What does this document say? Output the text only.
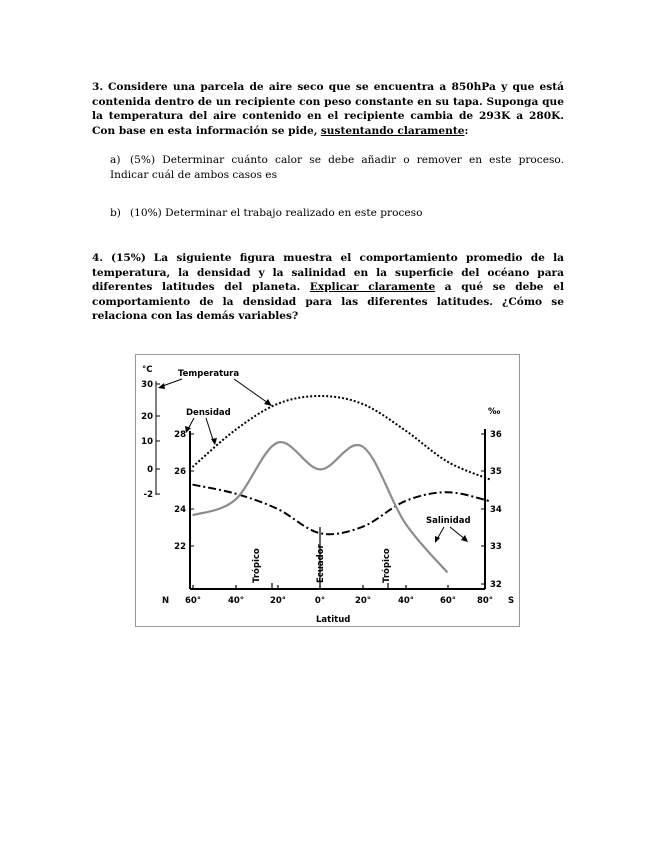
3. Considere una parcela de aire seco que se encuentra a 850hPa y que está contenida dentro de un recipiente con peso constante en su tapa. Suponga que la temperatura del aire contenido en el recipiente cambia de 293K a 280K. Con base en esta información se pide, sustentando claramente:
a) (5%) Determinar cuánto calor se debe añadir o remover en este proceso. Indicar cuál de ambos casos es
b) (10%) Determinar el trabajo realizado en este proceso
4. (15%) La siguiente figura muestra el comportamiento promedio de la temperatura, la densidad y la salinidad en la superficie del océano para diferentes latitudes del planeta. Explicar claramente a qué se debe el comportamiento de la densidad para las diferentes latitudes. ¿Cómo se relaciona con las demás variables?
60°	40°	20°	0°	20°	40°	60° 80°
30
20
10
0
-2
28
26
24
22
36
35
34
33
32
°C
‰
Trópico	Ecuador	Trópico
Temperatura
Densidad
Salinidad
N	S
Latitud
